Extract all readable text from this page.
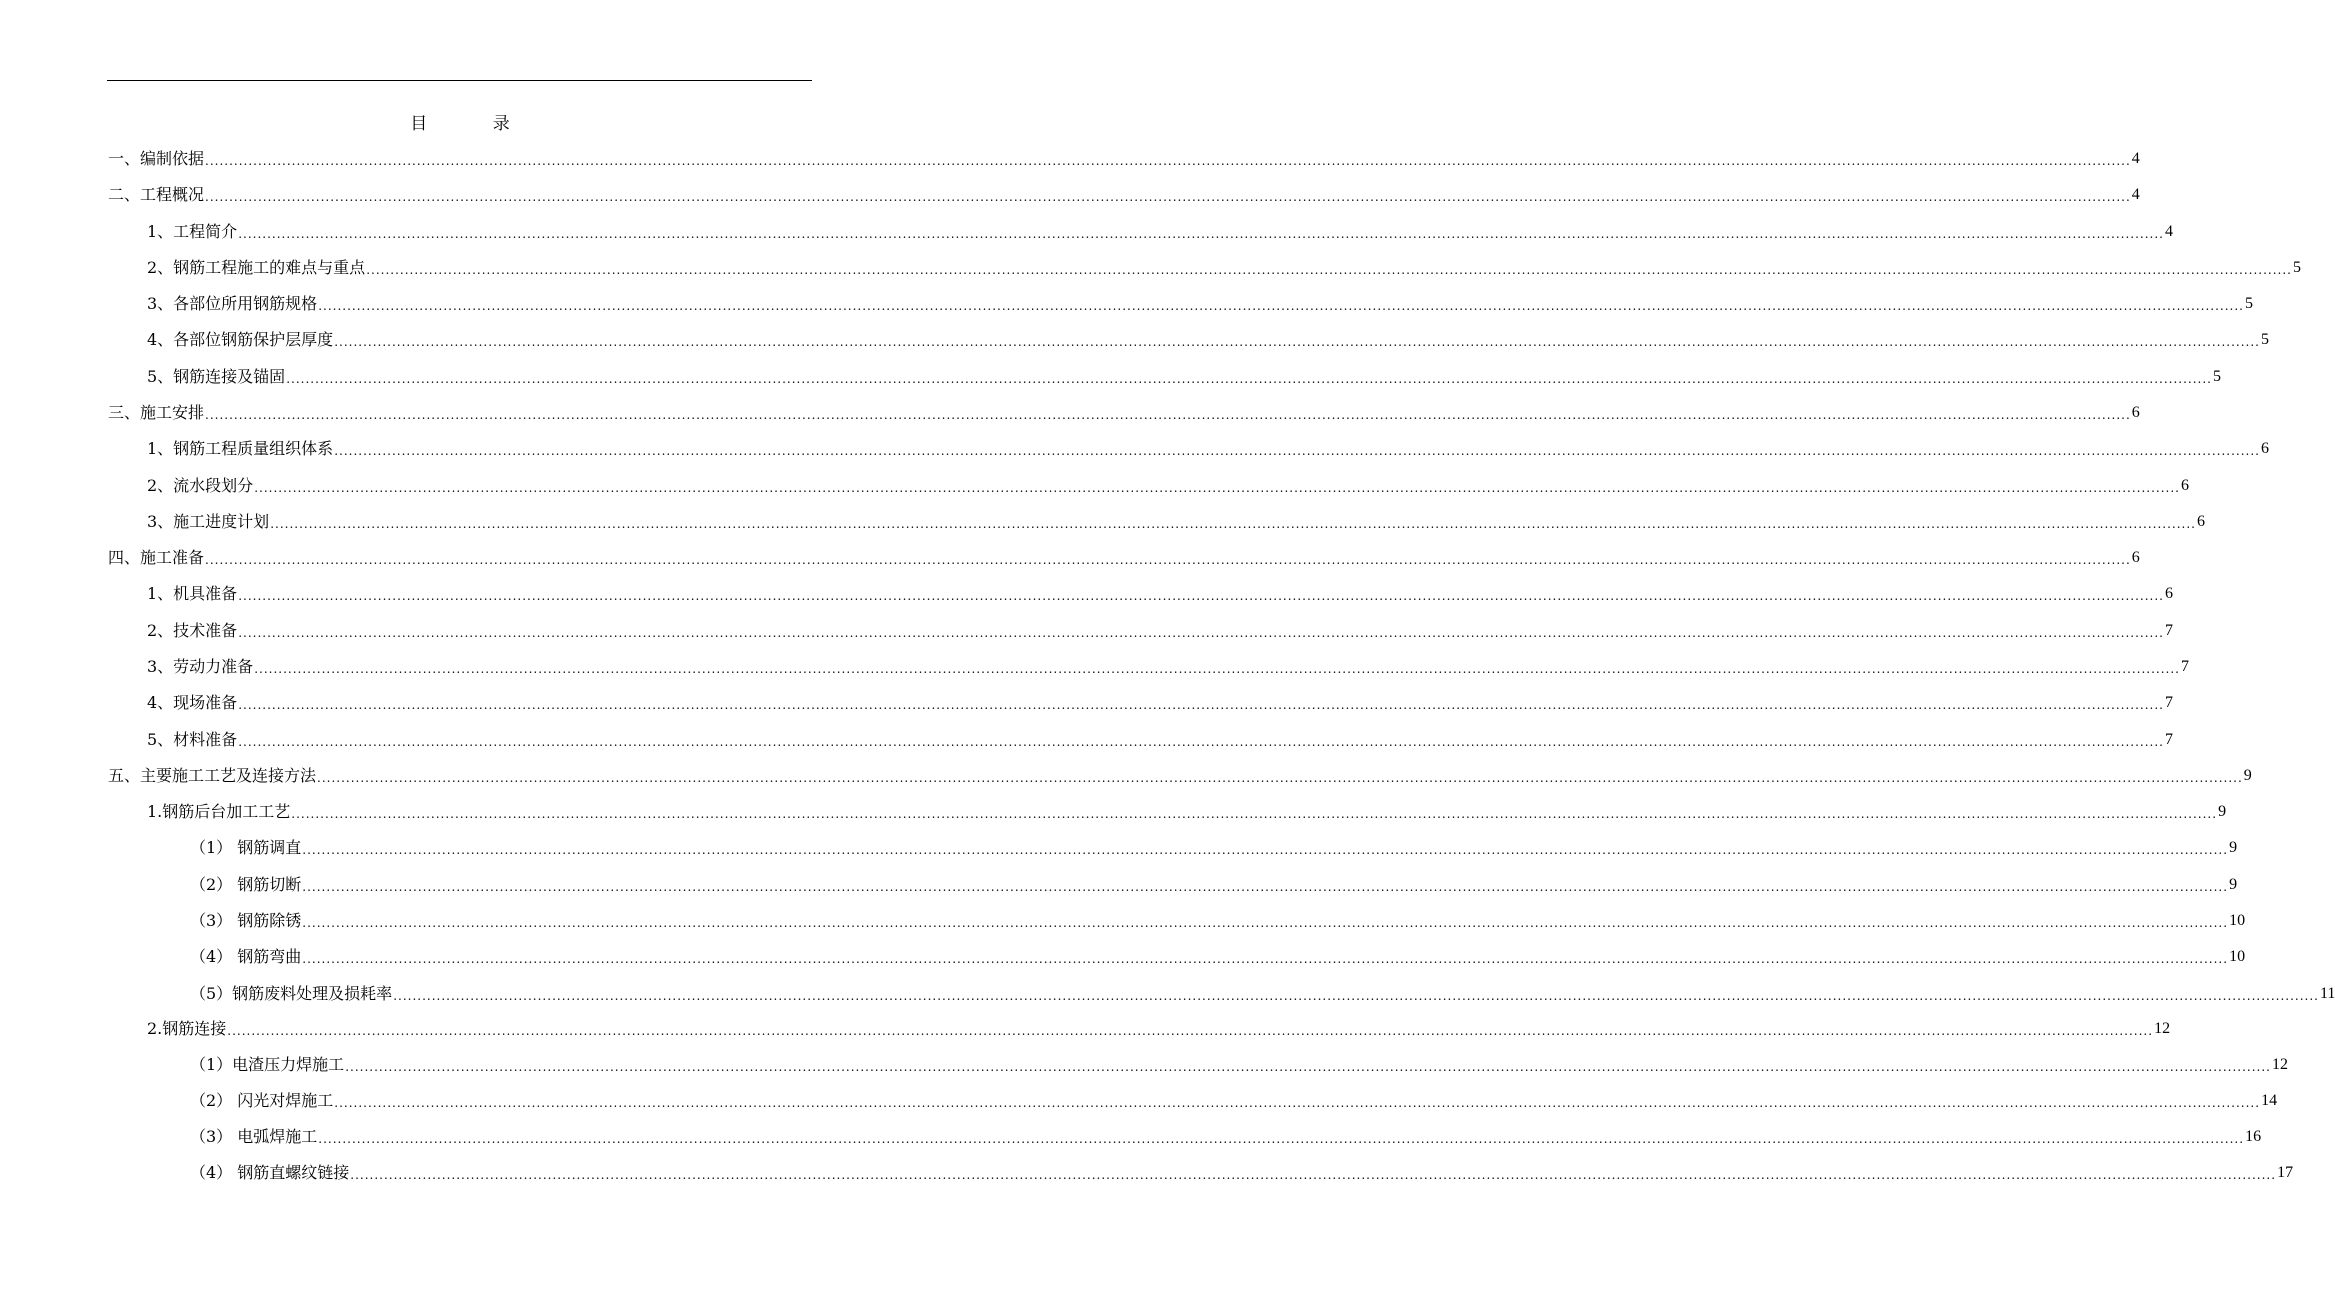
目 录
一、编制依据 ................................................................................................................................................................................................................................................................................................................................................................................................................ 4
二、工程概况 ................................................................................................................................................................................................................................................................................................................................................................................................................ 4
1、工程简介 ................................................................................................................................................................................................................................................................................................................................................................................................................ 4
2、钢筋工程施工的难点与重点 ................................................................................................................................................................................................................................................................................................................................................................................................................ 5
3、各部位所用钢筋规格 ................................................................................................................................................................................................................................................................................................................................................................................................................ 5
4、各部位钢筋保护层厚度 ................................................................................................................................................................................................................................................................................................................................................................................................................ 5
5、钢筋连接及锚固 ................................................................................................................................................................................................................................................................................................................................................................................................................ 5
三、施工安排 ................................................................................................................................................................................................................................................................................................................................................................................................................ 6
1、钢筋工程质量组织体系 ................................................................................................................................................................................................................................................................................................................................................................................................................ 6
2、流水段划分 ................................................................................................................................................................................................................................................................................................................................................................................................................ 6
3、施工进度计划 ................................................................................................................................................................................................................................................................................................................................................................................................................ 6
四、施工准备 ................................................................................................................................................................................................................................................................................................................................................................................................................ 6
1、机具准备 ................................................................................................................................................................................................................................................................................................................................................................................................................ 6
2、技术准备 ................................................................................................................................................................................................................................................................................................................................................................................................................ 7
3、劳动力准备 ................................................................................................................................................................................................................................................................................................................................................................................................................ 7
4、现场准备 ................................................................................................................................................................................................................................................................................................................................................................................................................ 7
5、材料准备 ................................................................................................................................................................................................................................................................................................................................................................................................................ 7
五、主要施工工艺及连接方法 ................................................................................................................................................................................................................................................................................................................................................................................................................ 9
1.钢筋后台加工工艺 ................................................................................................................................................................................................................................................................................................................................................................................................................ 9
（1） 钢筋调直 ................................................................................................................................................................................................................................................................................................................................................................................................................ 9
（2） 钢筋切断 ................................................................................................................................................................................................................................................................................................................................................................................................................ 9
（3） 钢筋除锈 ................................................................................................................................................................................................................................................................................................................................................................................................................ 10
（4） 钢筋弯曲 ................................................................................................................................................................................................................................................................................................................................................................................................................ 10
（5）钢筋废料处理及损耗率 ................................................................................................................................................................................................................................................................................................................................................................................................................ 11
2.钢筋连接 ................................................................................................................................................................................................................................................................................................................................................................................................................ 12
（1）电渣压力焊施工 ................................................................................................................................................................................................................................................................................................................................................................................................................ 12
（2） 闪光对焊施工 ................................................................................................................................................................................................................................................................................................................................................................................................................ 14
（3） 电弧焊施工 ................................................................................................................................................................................................................................................................................................................................................................................................................ 16
（4） 钢筋直螺纹链接 ................................................................................................................................................................................................................................................................................................................................................................................................................ 17
